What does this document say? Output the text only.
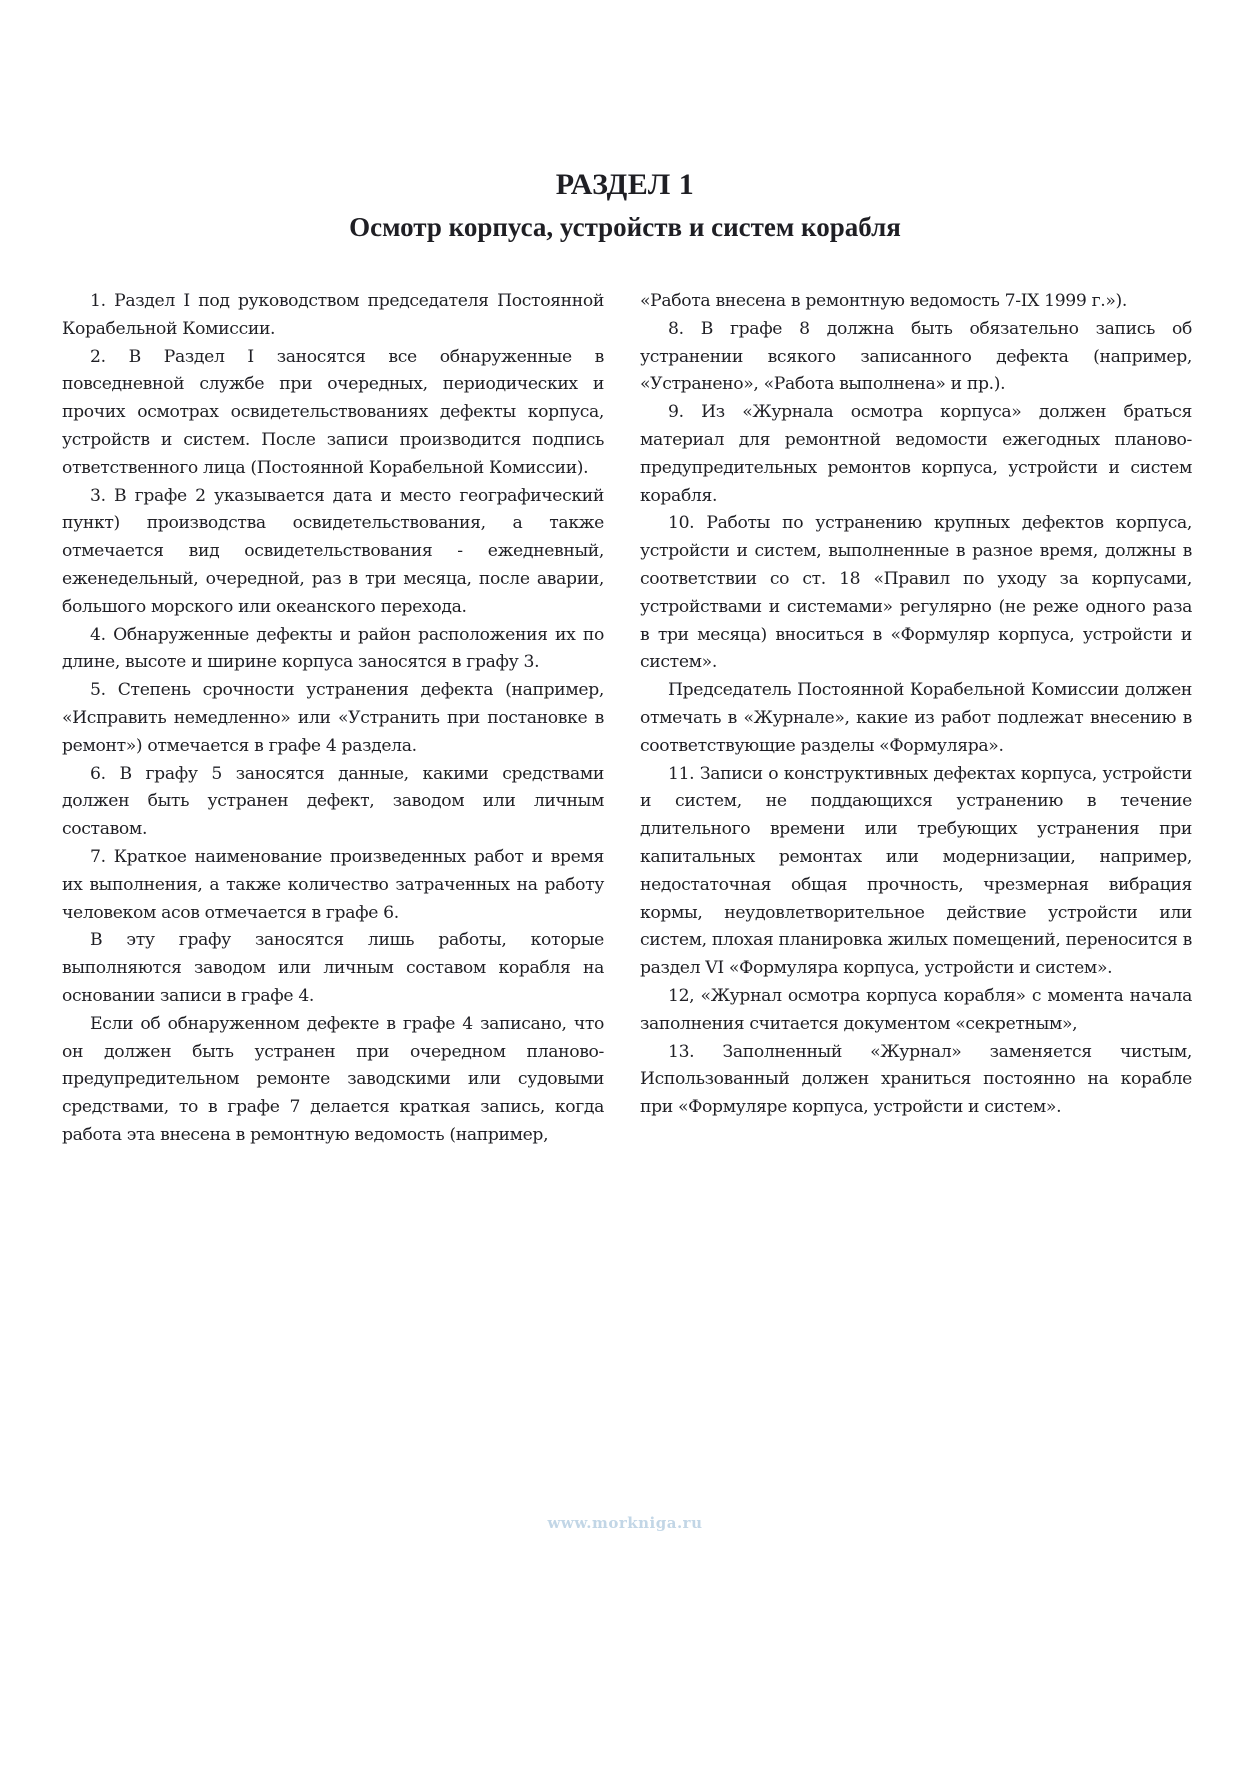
РАЗДЕЛ 1
Осмотр корпуса, устройств и систем корабля

1. Раздел I под руководством председателя Постоянной Корабельной Комиссии.

2. В Раздел I заносятся все обнаруженные в повседневной службе при очередных, периодических и прочих осмотрах освидетельствованиях дефекты корпуса, устройств и систем. После записи производится подпись ответственного лица (Постоянной Корабельной Комиссии).

3. В графе 2 указывается дата и место географический пункт) производства освидетельствования, а также отмечается вид освидетельствования - ежедневный, еженедельный, очередной, раз в три месяца, после аварии, большого морского или океанского перехода.

4. Обнаруженные дефекты и район расположения их по длине, высоте и ширине корпуса заносятся в графу 3.

5. Степень срочности устранения дефекта (например, «Исправить немедленно» или «Устранить при постановке в ремонт») отмечается в графе 4 раздела.

6. В графу 5 заносятся данные, какими средствами должен быть устранен дефект, заводом или личным составом.

7. Краткое наименование произведенных работ и время их выполнения, а также количество затраченных на работу человеком асов отмечается в графе 6.

В эту графу заносятся лишь работы, которые выполняются заводом или личным составом корабля на основании записи в графе 4.

Если об обнаруженном дефекте в графе 4 записано, что он должен быть устранен при очередном планово-предупредительном ремонте заводскими или судовыми средствами, то в графе 7 делается краткая запись, когда работа эта внесена в ремонтную ведомость (например,

«Работа внесена в ремонтную ведомость 7-IX 1999 г.»).

8. В графе 8 должна быть обязательно запись об устранении всякого записанного дефекта (например, «Устранено», «Работа выполнена» и пр.).

9. Из «Журнала осмотра корпуса» должен браться материал для ремонтной ведомости ежегодных планово-предупредительных ремонтов корпуса, устройсти и систем корабля.

10. Работы по устранению крупных дефектов корпуса, устройсти и систем, выполненные в разное время, должны в соответствии со ст. 18 «Правил по уходу за корпусами, устройствами и системами» регулярно (не реже одного раза в три месяца) вноситься в «Формуляр корпуса, устройсти и систем».

Председатель Постоянной Корабельной Комиссии должен отмечать в «Журнале», какие из работ подлежат внесению в соответствующие разделы «Формуляра».

11. Записи о конструктивных дефектах корпуса, устройсти и систем, не поддающихся устранению в течение длительного времени или требующих устранения при капитальных ремонтах или модернизации, например, недостаточная общая прочность, чрезмерная вибрация кормы, неудовлетворительное действие устройсти или систем, плохая планировка жилых помещений, переносится в раздел VI «Формуляра корпуса, устройсти и систем».

12, «Журнал осмотра корпуса корабля» с момента начала заполнения считается документом «секретным»,

13. Заполненный «Журнал» заменяется чистым, Использованный должен храниться постоянно на корабле при «Формуляре корпуса, устройсти и систем».

www.morkniga.ru
